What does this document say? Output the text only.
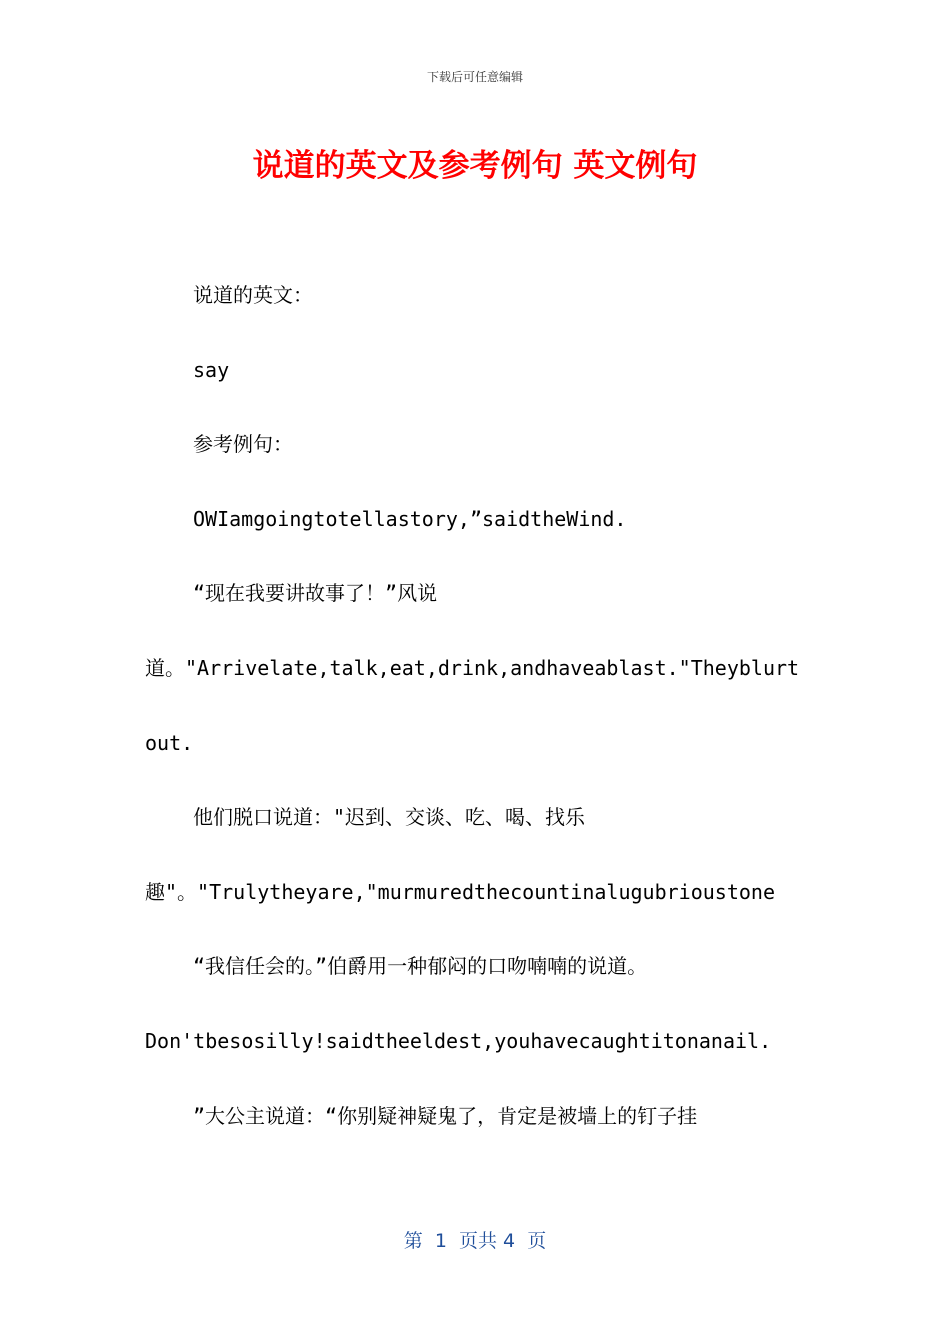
下载后可任意编辑
说道的英文及参考例句 英文例句
说道的英文：
say
参考例句：
OWIamgoingtotellastory,”saidtheWind.
“现在我要讲故事了！”风说
道。"Arrivelate,talk,eat,drink,andhaveablast."Theyblurt
out.
他们脱口说道："迟到、交谈、吃、喝、找乐
趣"。"Trulytheyare,"murmuredthecountinalugubrioustone
“我信任会的。”伯爵用一种郁闷的口吻喃喃的说道。
Don'tbesosilly!saidtheeldest,youhavecaughtitonanail.
”大公主说道：“你别疑神疑鬼了，肯定是被墙上的钉子挂
第  1  页共 4  页
